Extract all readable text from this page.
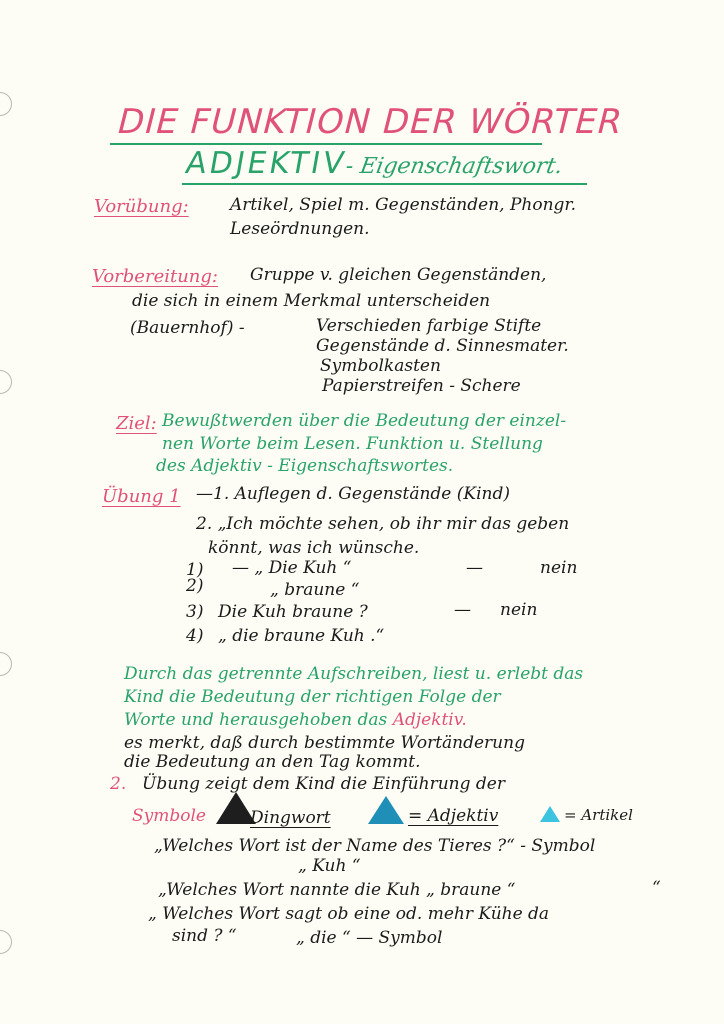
DIE FUNKTION DER WÖRTER
ADJEKTIV- Eigenschaftswort.
Vorübung: Artikel, Spiel m. Gegenständen, Phongr.
Leseördnungen.
Vorbereitung: Gruppe v. gleichen Gegenständen,
die sich in einem Merkmal unterscheiden
(Bauernhof) -	Verschieden farbige Stifte
Gegenstände d. Sinnesmater.
Symbolkasten
Papierstreifen - Schere
Ziel: Bewußtwerden über die Bedeutung der einzel-
nen Worte beim Lesen. Funktion u. Stellung
des Adjektiv - Eigenschaftswortes.
Übung 1 —1. Auflegen d. Gegenstände (Kind)
2. „Ich möchte sehen, ob ihr mir das geben
könnt, was ich wünsche.
1) — „ Die Kuh “	—	nein
2)	„ braune “
3) Die Kuh braune ?	— nein
4) „ die braune Kuh .“
Durch das getrennte Aufschreiben, liest u. erlebt das
Kind die Bedeutung der richtigen Folge der
Worte und herausgehoben das Adjektiv.
es merkt, daß durch bestimmte Wortänderung
die Bedeutung an den Tag kommt.
2. Übung zeigt dem Kind die Einführung der
Symbole	Dingwort	= Adjektiv	= Artikel
„Welches Wort ist der Name des Tieres ?“ - Symbol
„ Kuh “
„Welches Wort nannte die Kuh „ braune “	“
„ Welches Wort sagt ob eine od. mehr Kühe da
sind ? “	„ die “ — Symbol
